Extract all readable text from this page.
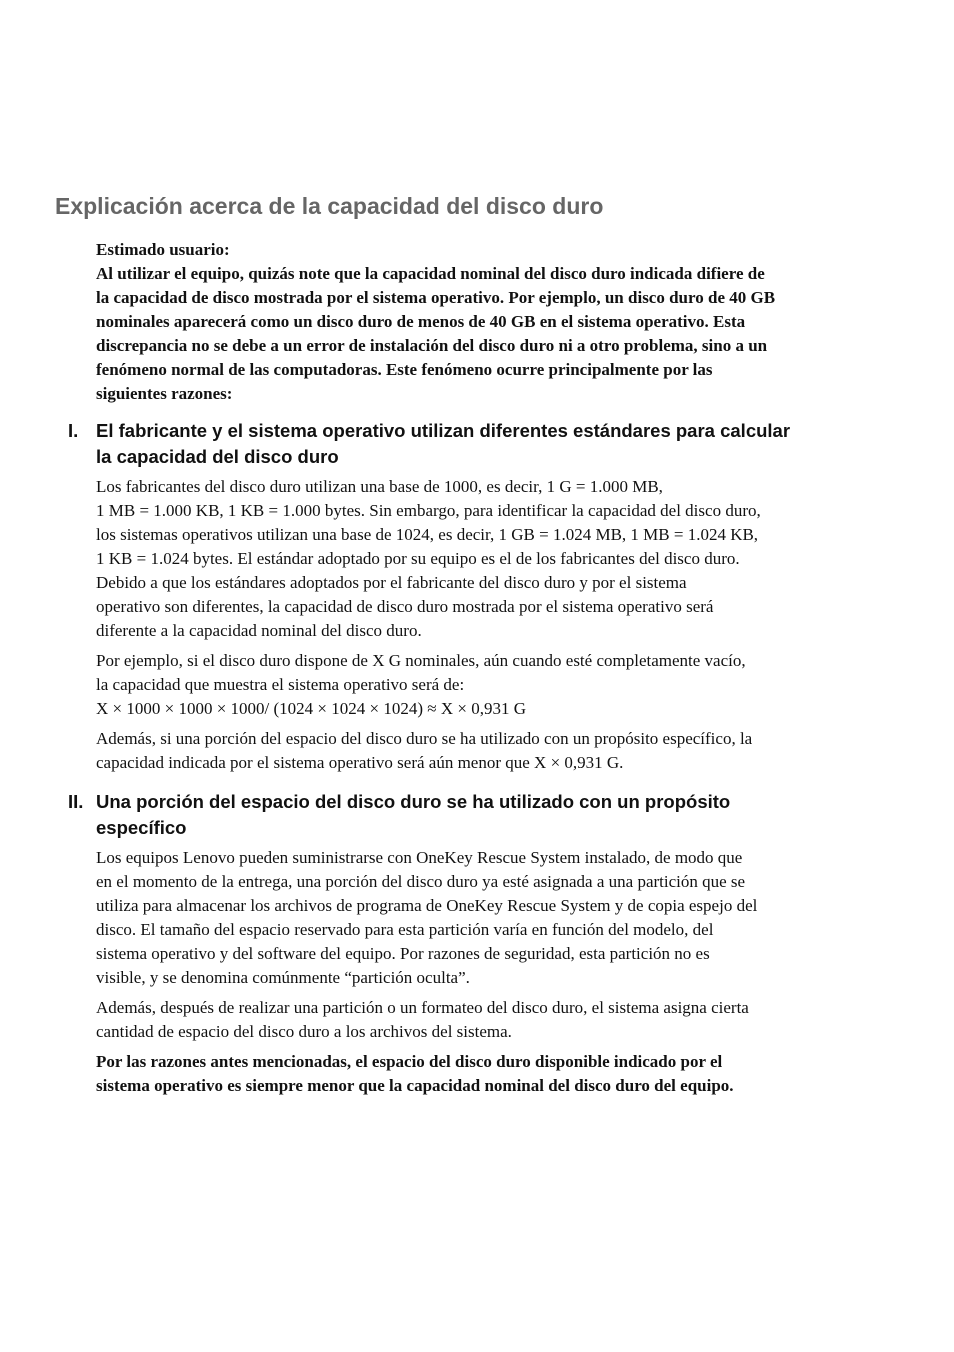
Explicación acerca de la capacidad del disco duro
Estimado usuario:
Al utilizar el equipo, quizás note que la capacidad nominal del disco duro indicada difiere de
la capacidad de disco mostrada por el sistema operativo. Por ejemplo, un disco duro de 40 GB
nominales aparecerá como un disco duro de menos de 40 GB en el sistema operativo. Esta
discrepancia no se debe a un error de instalación del disco duro ni a otro problema, sino a un
fenómeno normal de las computadoras. Este fenómeno ocurre principalmente por las
siguientes razones:
I. El fabricante y el sistema operativo utilizan diferentes estándares para calcular
la capacidad del disco duro
Los fabricantes del disco duro utilizan una base de 1000, es decir, 1 G = 1.000 MB,
1 MB = 1.000 KB, 1 KB = 1.000 bytes. Sin embargo, para identificar la capacidad del disco duro,
los sistemas operativos utilizan una base de 1024, es decir, 1 GB = 1.024 MB, 1 MB = 1.024 KB,
1 KB = 1.024 bytes. El estándar adoptado por su equipo es el de los fabricantes del disco duro.
Debido a que los estándares adoptados por el fabricante del disco duro y por el sistema
operativo son diferentes, la capacidad de disco duro mostrada por el sistema operativo será
diferente a la capacidad nominal del disco duro.
Por ejemplo, si el disco duro dispone de X G nominales, aún cuando esté completamente vacío,
la capacidad que muestra el sistema operativo será de:
X × 1000 × 1000 × 1000/ (1024 × 1024 × 1024) ≈ X × 0,931 G
Además, si una porción del espacio del disco duro se ha utilizado con un propósito específico, la
capacidad indicada por el sistema operativo será aún menor que X × 0,931 G.
II. Una porción del espacio del disco duro se ha utilizado con un propósito
específico
Los equipos Lenovo pueden suministrarse con OneKey Rescue System instalado, de modo que
en el momento de la entrega, una porción del disco duro ya esté asignada a una partición que se
utiliza para almacenar los archivos de programa de OneKey Rescue System y de copia espejo del
disco. El tamaño del espacio reservado para esta partición varía en función del modelo, del
sistema operativo y del software del equipo. Por razones de seguridad, esta partición no es
visible, y se denomina comúnmente “partición oculta”.
Además, después de realizar una partición o un formateo del disco duro, el sistema asigna cierta
cantidad de espacio del disco duro a los archivos del sistema.
Por las razones antes mencionadas, el espacio del disco duro disponible indicado por el
sistema operativo es siempre menor que la capacidad nominal del disco duro del equipo.
